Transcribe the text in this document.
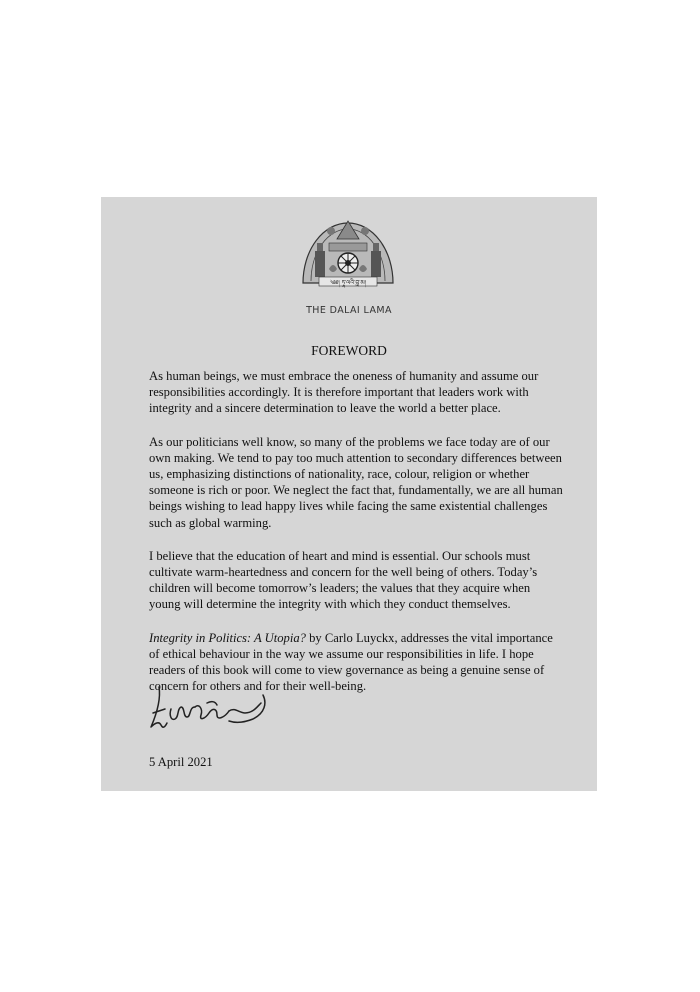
༄༅། ཏཱ་ལའི་བླ་མ།
THE DALAI LAMA
FOREWORD

As human beings, we must embrace the oneness of humanity and assume our responsibilities accordingly. It is therefore important that leaders work with integrity and a sincere determination to leave the world a better place.

As our politicians well know, so many of the problems we face today are of our own making. We tend to pay too much attention to secondary differences between us, emphasizing distinctions of nationality, race, colour, religion or whether someone is rich or poor. We neglect the fact that, fundamentally, we are all human beings wishing to lead happy lives while facing the same existential challenges such as global warming.

I believe that the education of heart and mind is essential. Our schools must cultivate warm-heartedness and concern for the well being of others. Today’s children will become tomorrow’s leaders; the values that they acquire when young will determine the integrity with which they conduct themselves.

Integrity in Politics: A Utopia? by Carlo Luyckx, addresses the vital importance of ethical behaviour in the way we assume our responsibilities in life. I hope readers of this book will come to view governance as being a genuine sense of concern for others and for their well-being.

5 April 2021
